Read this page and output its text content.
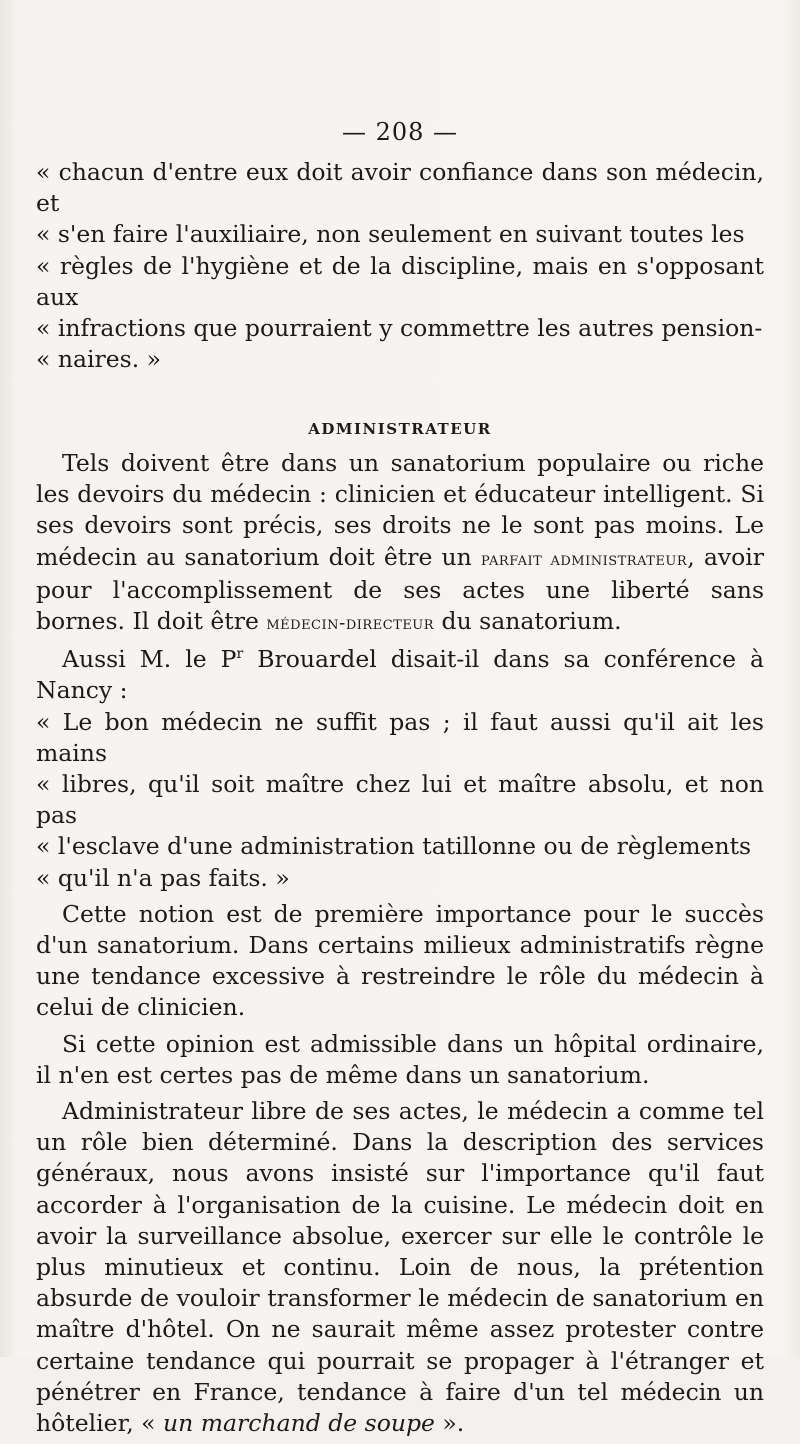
— 208 —
« chacun d'entre eux doit avoir confiance dans son médecin, et
« s'en faire l'auxiliaire, non seulement en suivant toutes les
« règles de l'hygiène et de la discipline, mais en s'opposant aux
« infractions que pourraient y commettre les autres pension-
« naires. »
ADMINISTRATEUR

Tels doivent être dans un sanatorium populaire ou riche les devoirs du médecin : clinicien et éducateur intelligent. Si ses devoirs sont précis, ses droits ne le sont pas moins. Le médecin au sanatorium doit être un parfait administrateur, avoir pour l'accomplissement de ses actes une liberté sans bornes. Il doit être médecin-directeur du sanatorium.

Aussi M. le $P^r$ Brouardel disait-il dans sa conférence à Nancy :
« Le bon médecin ne suffit pas ; il faut aussi qu'il ait les mains
« libres, qu'il soit maître chez lui et maître absolu, et non pas
« l'esclave d'une administration tatillonne ou de règlements
« qu'il n'a pas faits. »

Cette notion est de première importance pour le succès d'un sanatorium. Dans certains milieux administratifs règne une tendance excessive à restreindre le rôle du médecin à celui de clinicien.

Si cette opinion est admissible dans un hôpital ordinaire, il n'en est certes pas de même dans un sanatorium.

Administrateur libre de ses actes, le médecin a comme tel un rôle bien déterminé. Dans la description des services généraux, nous avons insisté sur l'importance qu'il faut accorder à l'organisation de la cuisine. Le médecin doit en avoir la surveillance absolue, exercer sur elle le contrôle le plus minutieux et continu. Loin de nous, la prétention absurde de vouloir transformer le médecin de sanatorium en maître d'hôtel. On ne saurait même assez protester contre certaine tendance qui pourrait se propager à l'étranger et pénétrer en France, tendance à faire d'un tel médecin un hôtelier, « un marchand de soupe ».
